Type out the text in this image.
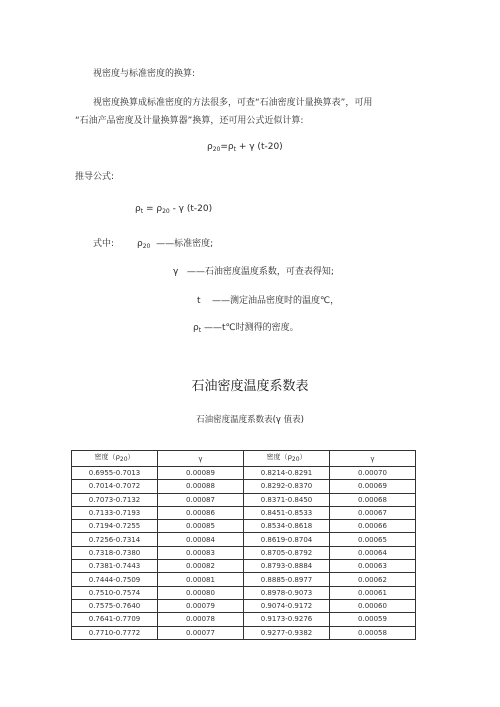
视密度与标准密度的换算:
视密度换算成标准密度的方法很多，可查“石油密度计量换算表”，可用
“石油产品密度及计量换算器”换算，还可用公式近似计算:
$\rho_{20}=\rho_t + \gamma$ (t-20)
推导公式:
$\rho_t = \rho_{20} - \gamma$ (t-20)
式中:	$\rho_{20}$ ——标准密度;
γ ——石油密度温度系数，可查表得知;
t ——测定油品密度时的温度℃，
$\rho_t$ ——t℃时测得的密度。
石油密度温度系数表
石油密度温度系数表(γ 值表)
密度$(\rho_{20})$	γ	密度$(\rho_{20})$	γ
0.6955-0.7013	0.00089	0.8214-0.8291	0.00070
0.7014-0.7072	0.00088	0.8292-0.8370	0.00069
0.7073-0.7132	0.00087	0.8371-0.8450	0.00068
0.7133-0.7193	0.00086	0.8451-0.8533	0.00067
0.7194-0.7255	0.00085	0.8534-0.8618	0.00066
0.7256-0.7314	0.00084	0.8619-0.8704	0.00065
0.7318-0.7380	0.00083	0.8705-0.8792	0.00064
0.7381-0.7443	0.00082	0.8793-0.8884	0.00063
0.7444-0.7509	0.00081	0.8885-0.8977	0.00062
0.7510-0.7574	0.00080	0.8978-0.9073	0.00061
0.7575-0.7640	0.00079	0.9074-0.9172	0.00060
0.7641-0.7709	0.00078	0.9173-0.9276	0.00059
0.7710-0.7772	0.00077	0.9277-0.9382	0.00058
